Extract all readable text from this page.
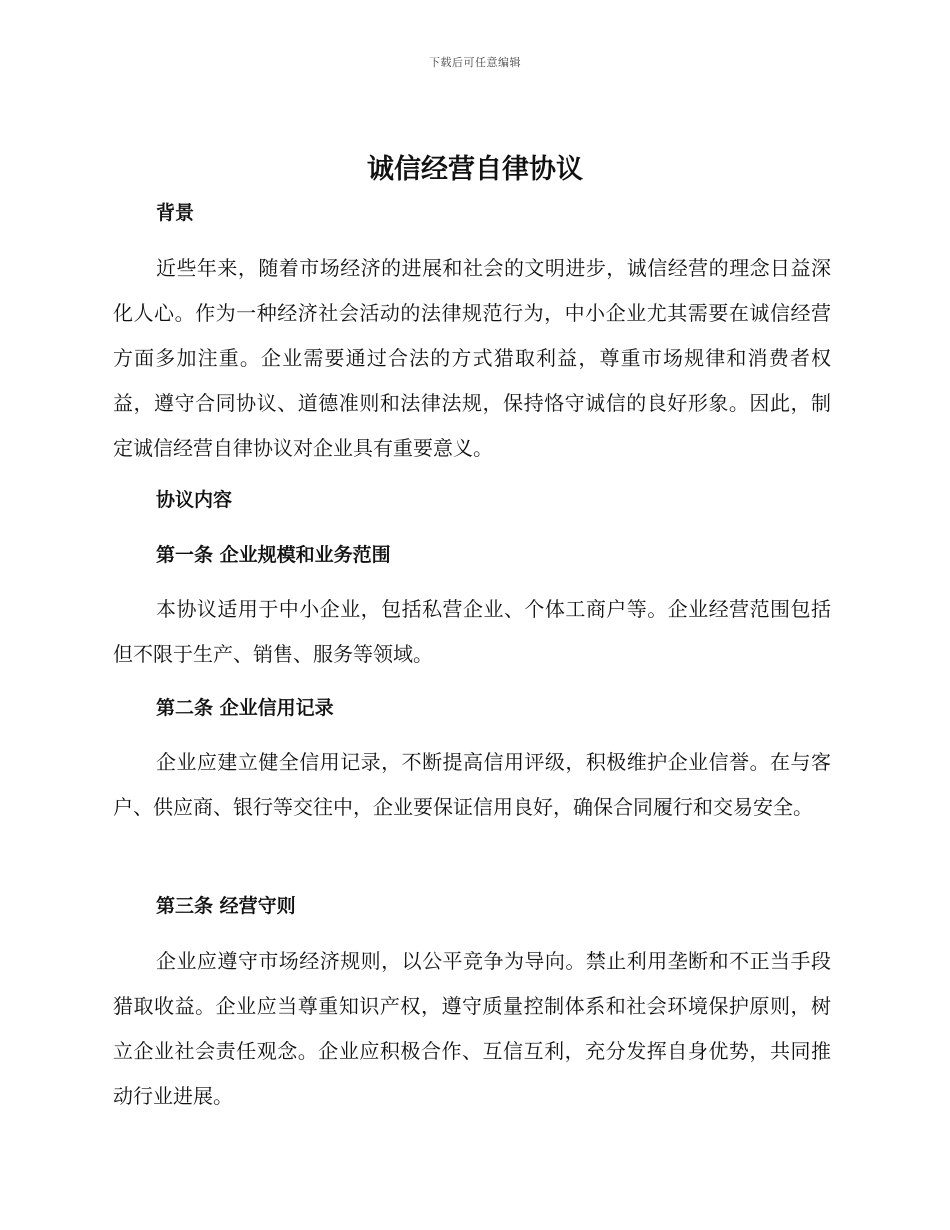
下载后可任意编辑
诚信经营自律协议
背景
近些年来，随着市场经济的进展和社会的文明进步，诚信经营的理念日益深化人心。作为一种经济社会活动的法律规范行为，中小企业尤其需要在诚信经营方面多加注重。企业需要通过合法的方式猎取利益，尊重市场规律和消费者权益，遵守合同协议、道德准则和法律法规，保持恪守诚信的良好形象。因此，制定诚信经营自律协议对企业具有重要意义。
协议内容
第一条 企业规模和业务范围
本协议适用于中小企业，包括私营企业、个体工商户等。企业经营范围包括但不限于生产、销售、服务等领域。
第二条 企业信用记录
企业应建立健全信用记录，不断提高信用评级，积极维护企业信誉。在与客户、供应商、银行等交往中，企业要保证信用良好，确保合同履行和交易安全。
第三条 经营守则
企业应遵守市场经济规则，以公平竞争为导向。禁止利用垄断和不正当手段猎取收益。企业应当尊重知识产权，遵守质量控制体系和社会环境保护原则，树立企业社会责任观念。企业应积极合作、互信互利，充分发挥自身优势，共同推动行业进展。
